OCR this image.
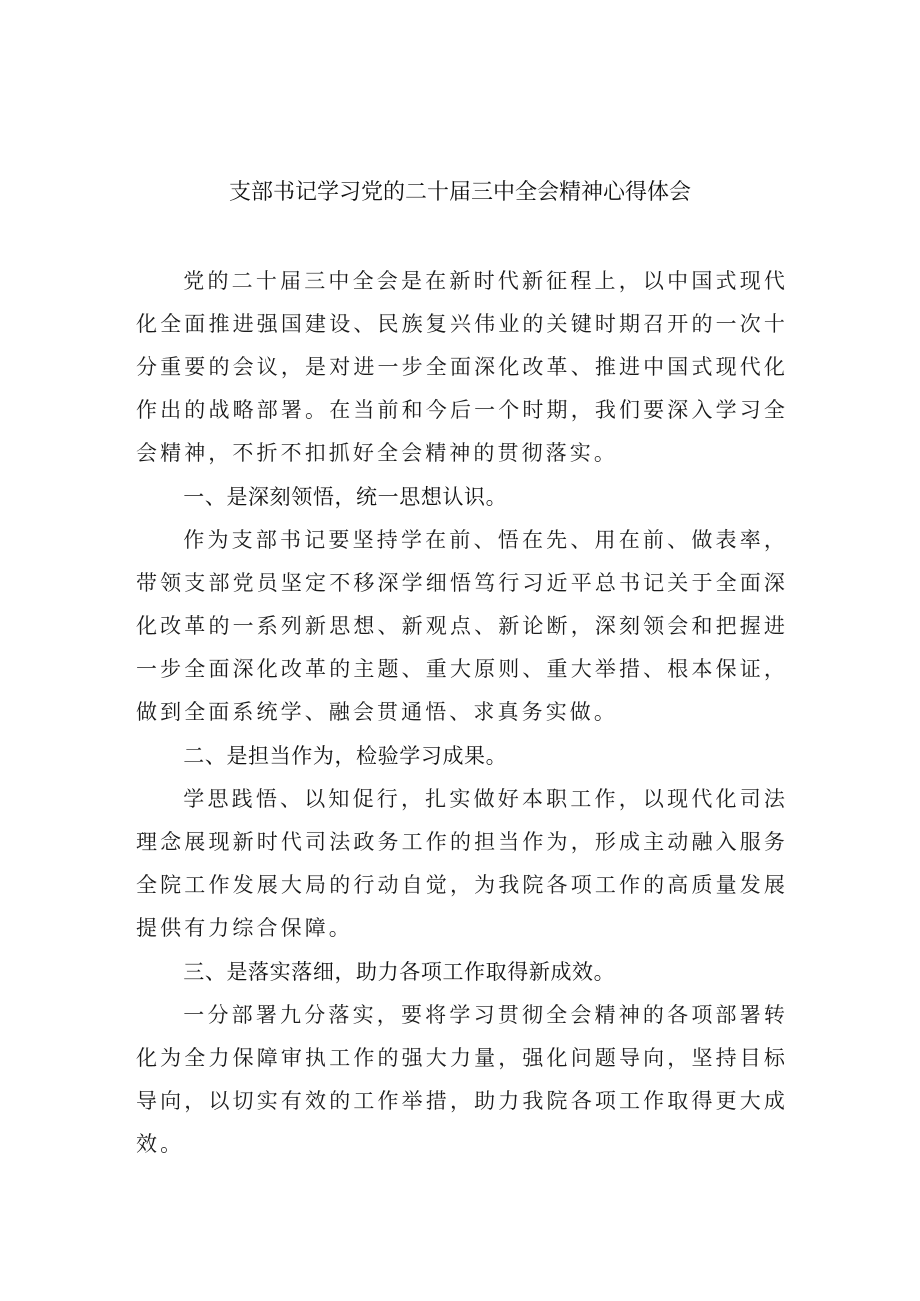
支部书记学习党的二十届三中全会精神心得体会

党的二十届三中全会是在新时代新征程上，以中国式现代化全面推进强国建设、民族复兴伟业的关键时期召开的一次十分重要的会议，是对进一步全面深化改革、推进中国式现代化作出的战略部署。在当前和今后一个时期，我们要深入学习全会精神，不折不扣抓好全会精神的贯彻落实。

一、是深刻领悟，统一思想认识。

作为支部书记要坚持学在前、悟在先、用在前、做表率，带领支部党员坚定不移深学细悟笃行习近平总书记关于全面深化改革的一系列新思想、新观点、新论断，深刻领会和把握进一步全面深化改革的主题、重大原则、重大举措、根本保证，做到全面系统学、融会贯通悟、求真务实做。

二、是担当作为，检验学习成果。

学思践悟、以知促行，扎实做好本职工作，以现代化司法理念展现新时代司法政务工作的担当作为，形成主动融入服务全院工作发展大局的行动自觉，为我院各项工作的高质量发展提供有力综合保障。

三、是落实落细，助力各项工作取得新成效。

一分部署九分落实，要将学习贯彻全会精神的各项部署转化为全力保障审执工作的强大力量，强化问题导向，坚持目标导向，以切实有效的工作举措，助力我院各项工作取得更大成效。
